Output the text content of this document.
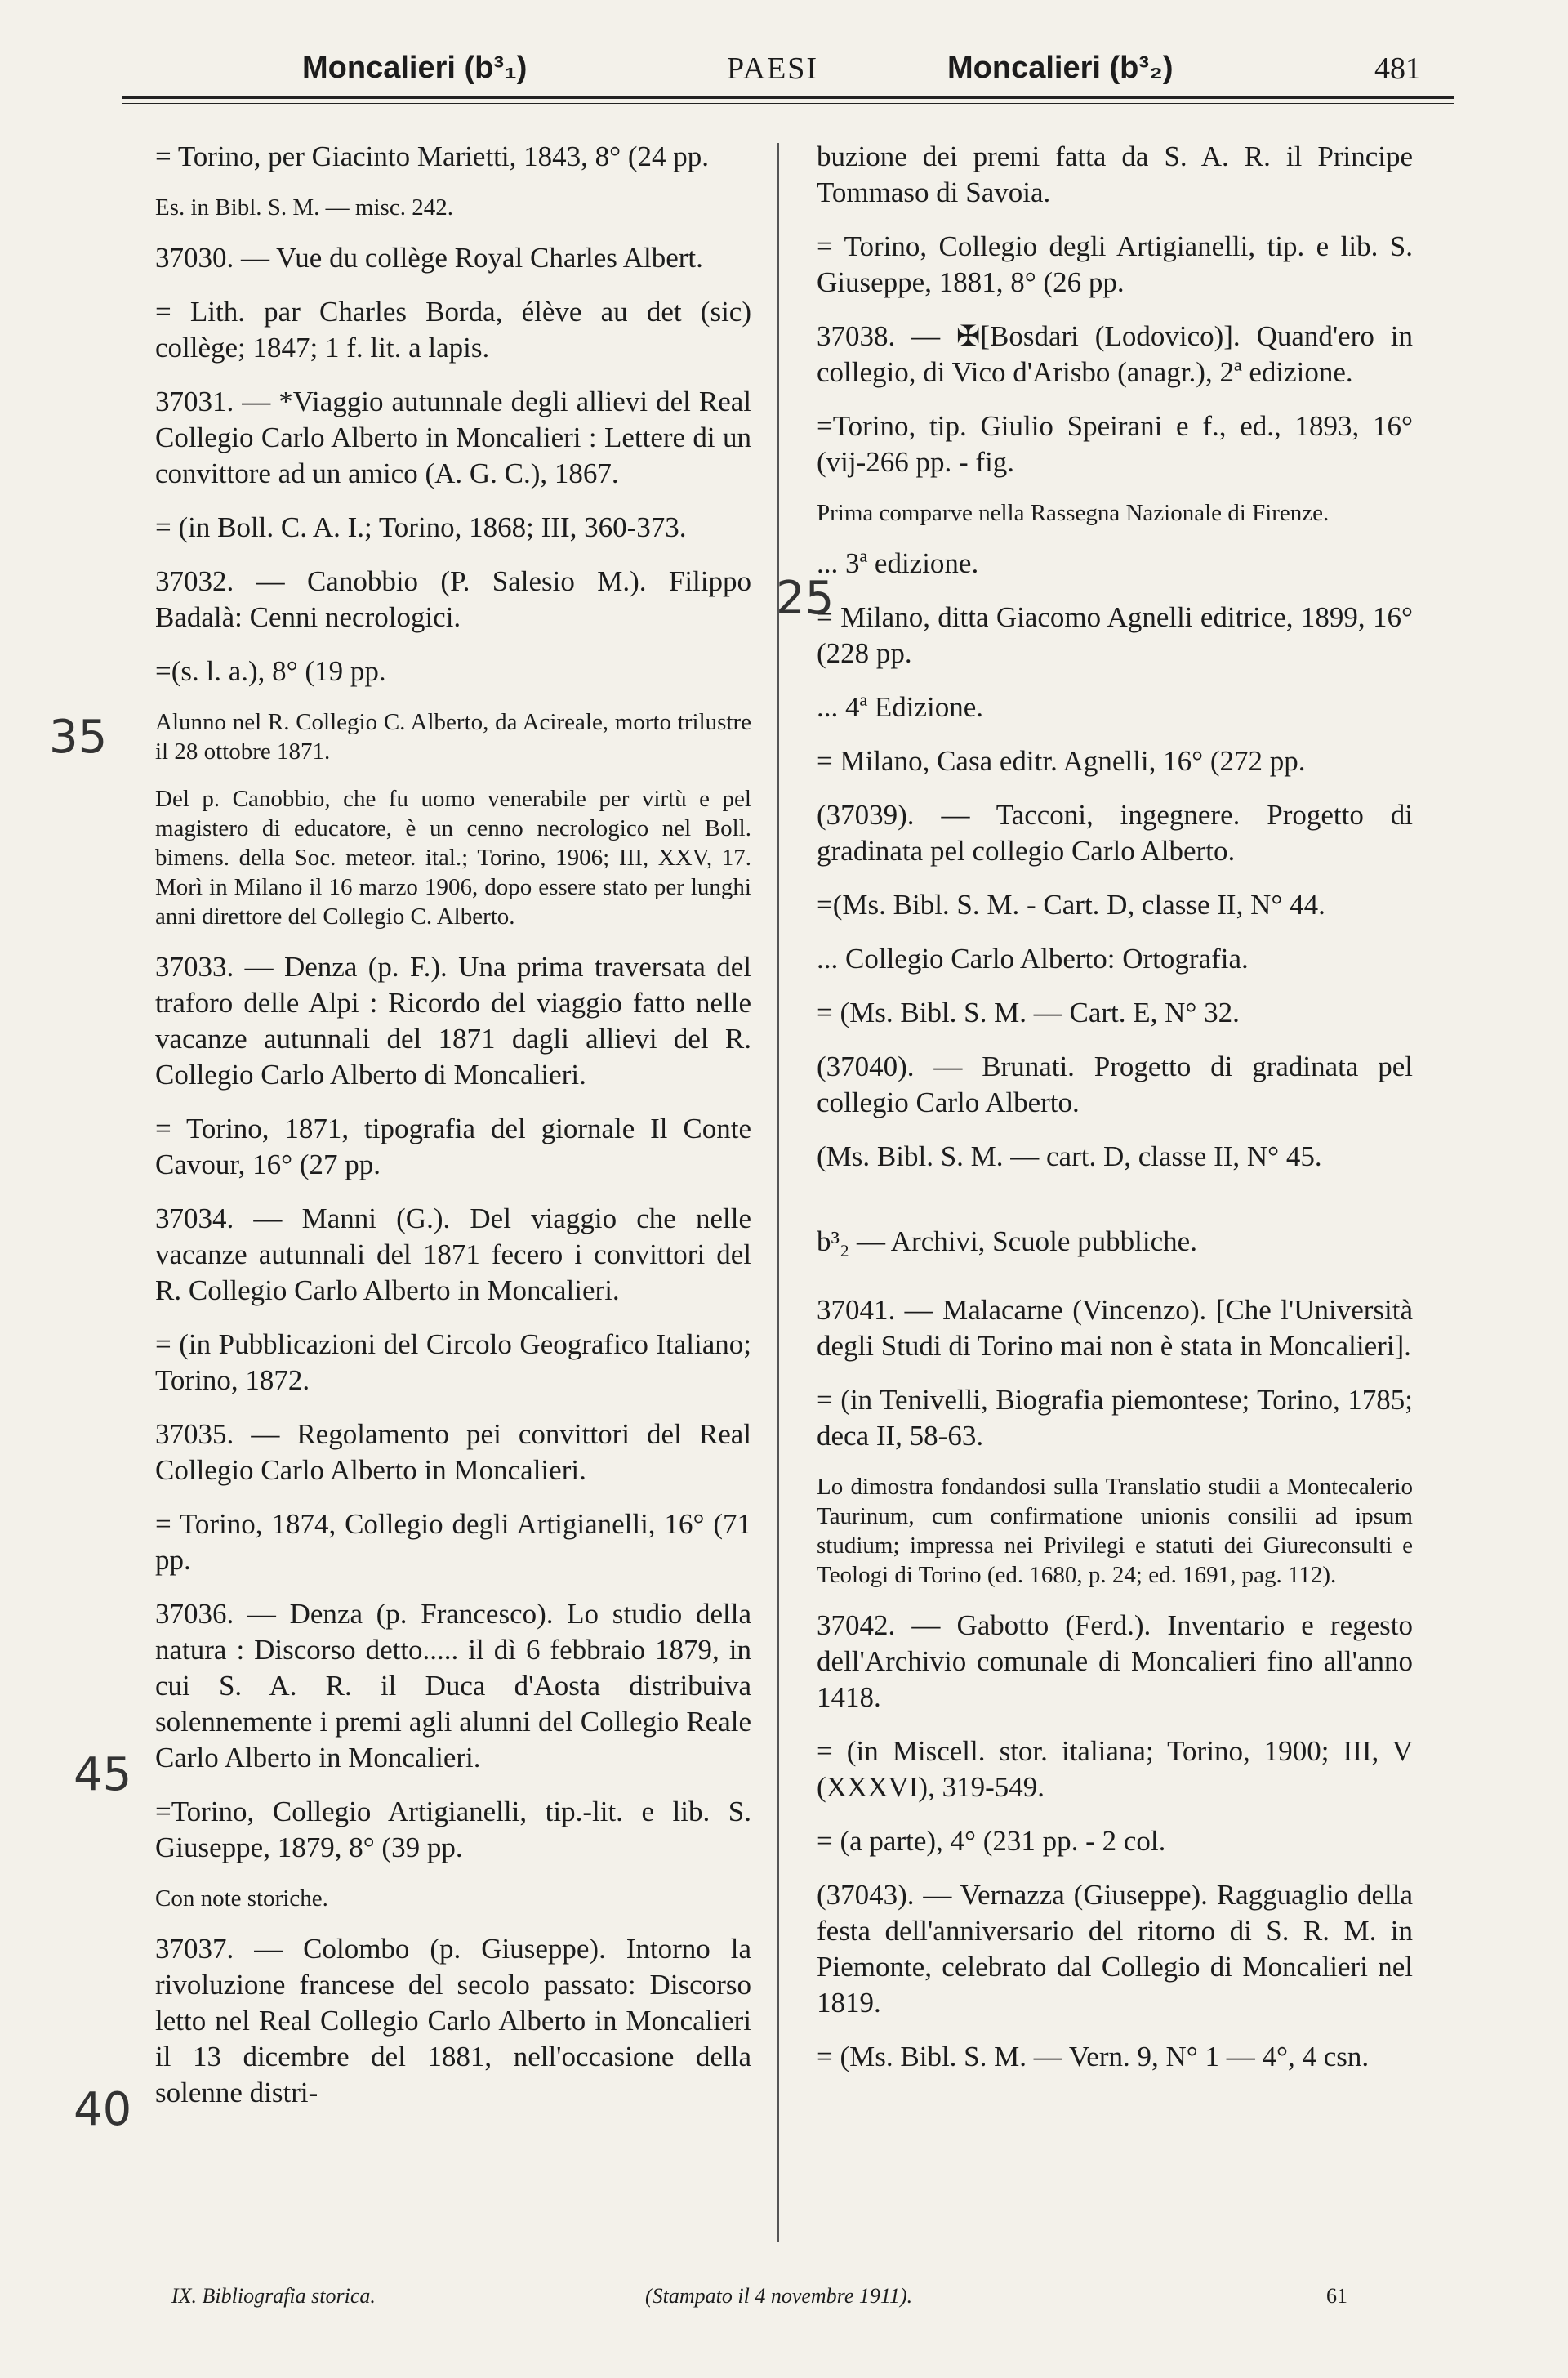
Moncalieri (b³₁)	PAESI	Moncalieri (b³₂)	481

= Torino, per Giacinto Marietti, 1843, 8° (24 pp.

Es. in Bibl. S. M. — misc. 242.

37030. — Vue du collège Royal Charles Albert.

= Lith. par Charles Borda, élève au det (sic) collège; 1847; 1 f. lit. a lapis.

37031. — *Viaggio autunnale degli allievi del Real Collegio Carlo Alberto in Moncalieri : Lettere di un convittore ad un amico (A. G. C.), 1867.

= (in Boll. C. A. I.; Torino, 1868; III, 360-373.

37032. — Canobbio (P. Salesio M.). Filippo Badalà: Cenni necrologici.

=(s. l. a.), 8° (19 pp.

Alunno nel R. Collegio C. Alberto, da Acireale, morto trilustre il 28 ottobre 1871.

Del p. Canobbio, che fu uomo venerabile per virtù e pel magistero di educatore, è un cenno necrologico nel Boll. bimens. della Soc. meteor. ital.; Torino, 1906; III, XXV, 17. Morì in Milano il 16 marzo 1906, dopo essere stato per lunghi anni direttore del Collegio C. Alberto.

37033. — Denza (p. F.). Una prima traversata del traforo delle Alpi : Ricordo del viaggio fatto nelle vacanze autunnali del 1871 dagli allievi del R. Collegio Carlo Alberto di Moncalieri.

= Torino, 1871, tipografia del giornale Il Conte Cavour, 16° (27 pp.

37034. — Manni (G.). Del viaggio che nelle vacanze autunnali del 1871 fecero i convittori del R. Collegio Carlo Alberto in Moncalieri.

= (in Pubblicazioni del Circolo Geografico Italiano; Torino, 1872.

37035. — Regolamento pei convittori del Real Collegio Carlo Alberto in Moncalieri.

= Torino, 1874, Collegio degli Artigianelli, 16° (71 pp.

37036. — Denza (p. Francesco). Lo studio della natura : Discorso detto..... il dì 6 febbraio 1879, in cui S. A. R. il Duca d'Aosta distribuiva solennemente i premi agli alunni del Collegio Reale Carlo Alberto in Moncalieri.

=Torino, Collegio Artigianelli, tip.-lit. e lib. S. Giuseppe, 1879, 8° (39 pp.

Con note storiche.

37037. — Colombo (p. Giuseppe). Intorno la rivoluzione francese del secolo passato: Discorso letto nel Real Collegio Carlo Alberto in Moncalieri il 13 dicembre del 1881, nell'occasione della solenne distri-

buzione dei premi fatta da S. A. R. il Principe Tommaso di Savoia.

= Torino, Collegio degli Artigianelli, tip. e lib. S. Giuseppe, 1881, 8° (26 pp.

37038. — ✠[Bosdari (Lodovico)]. Quand'ero in collegio, di Vico d'Arisbo (anagr.), 2ª edizione.

=Torino, tip. Giulio Speirani e f., ed., 1893, 16° (vij-266 pp. - fig.

Prima comparve nella Rassegna Nazionale di Firenze.

... 3ª edizione.

= Milano, ditta Giacomo Agnelli editrice, 1899, 16° (228 pp.

... 4ª Edizione.

= Milano, Casa editr. Agnelli, 16° (272 pp.

(37039). — Tacconi, ingegnere. Progetto di gradinata pel collegio Carlo Alberto.

=(Ms. Bibl. S. M. - Cart. D, classe II, N° 44.

... Collegio Carlo Alberto: Ortografia.

= (Ms. Bibl. S. M. — Cart. E, N° 32.

(37040). — Brunati. Progetto di gradinata pel collegio Carlo Alberto.

(Ms. Bibl. S. M. — cart. D, classe II, N° 45.

b³₂ — Archivi, Scuole pubbliche.

37041. — Malacarne (Vincenzo). [Che l'Università degli Studi di Torino mai non è stata in Moncalieri].

= (in Tenivelli, Biografia piemontese; Torino, 1785; deca II, 58-63.

Lo dimostra fondandosi sulla Translatio studii a Montecalerio Taurinum, cum confirmatione unionis consilii ad ipsum studium; impressa nei Privilegi e statuti dei Giureconsulti e Teologi di Torino (ed. 1680, p. 24; ed. 1691, pag. 112).

37042. — Gabotto (Ferd.). Inventario e regesto dell'Archivio comunale di Moncalieri fino all'anno 1418.

= (in Miscell. stor. italiana; Torino, 1900; III, V (XXXVI), 319-549.

= (a parte), 4° (231 pp. - 2 col.

(37043). — Vernazza (Giuseppe). Ragguaglio della festa dell'anniversario del ritorno di S. R. M. in Piemonte, celebrato dal Collegio di Moncalieri nel 1819.

= (Ms. Bibl. S. M. — Vern. 9, N° 1 — 4°, 4 csn.

35
25
45
40
IX. Bibliografia storica.	(Stampato il 4 novembre 1911).	61
